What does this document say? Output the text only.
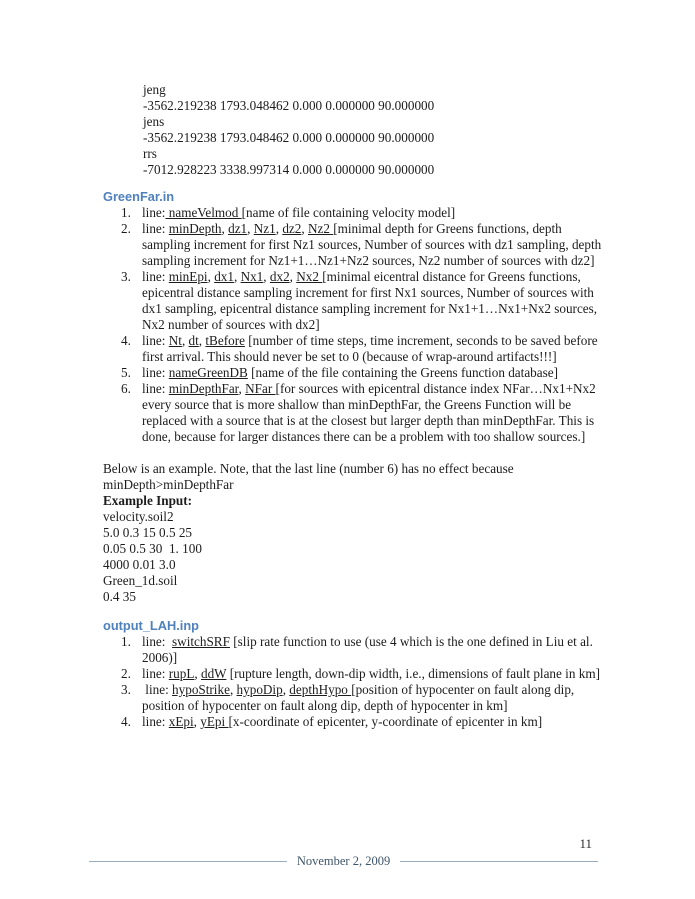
jeng
-3562.219238 1793.048462 0.000 0.000000 90.000000
jens
-3562.219238 1793.048462 0.000 0.000000 90.000000
rrs
-7012.928223 3338.997314 0.000 0.000000 90.000000
GreenFar.in
line: nameVelmod [name of file containing velocity model]
line: minDepth, dz1, Nz1, dz2, Nz2 [minimal depth for Greens functions, depth sampling increment for first Nz1 sources, Number of sources with dz1 sampling, depth sampling increment for Nz1+1…Nz1+Nz2 sources, Nz2 number of sources with dz2]
line: minEpi, dx1, Nx1, dx2, Nx2 [minimal eicentral distance for Greens functions, epicentral distance sampling increment for first Nx1 sources, Number of sources with dx1 sampling, epicentral distance sampling increment for Nx1+1…Nx1+Nx2 sources, Nx2 number of sources with dx2]
line: Nt, dt, tBefore [number of time steps, time increment, seconds to be saved before first arrival. This should never be set to 0 (because of wrap-around artifacts!!!]
line: nameGreenDB [name of the file containing the Greens function database]
line: minDepthFar, NFar [for sources with epicentral distance index NFar…Nx1+Nx2 every source that is more shallow than minDepthFar, the Greens Function will be replaced with a source that is at the closest but larger depth than minDepthFar. This is done, because for larger distances there can be a problem with too shallow sources.]

Below is an example. Note, that the last line (number 6) has no effect because minDepth>minDepthFar

Example Input:

velocity.soil2
5.0 0.3 15 0.5 25
0.05 0.5 30  1. 100
4000 0.01 3.0
Green_1d.soil
0.4 35
output_LAH.inp
line:  switchSRF [slip rate function to use (use 4 which is the one defined in Liu et al. 2006)]
line: rupL, ddW [rupture length, down-dip width, i.e., dimensions of fault plane in km]
line: hypoStrike, hypoDip, depthHypo [position of hypocenter on fault along dip, position of hypocenter on fault along dip, depth of hypocenter in km]
line: xEpi, yEpi [x-coordinate of epicenter, y-coordinate of epicenter in km]
11
November 2, 2009
